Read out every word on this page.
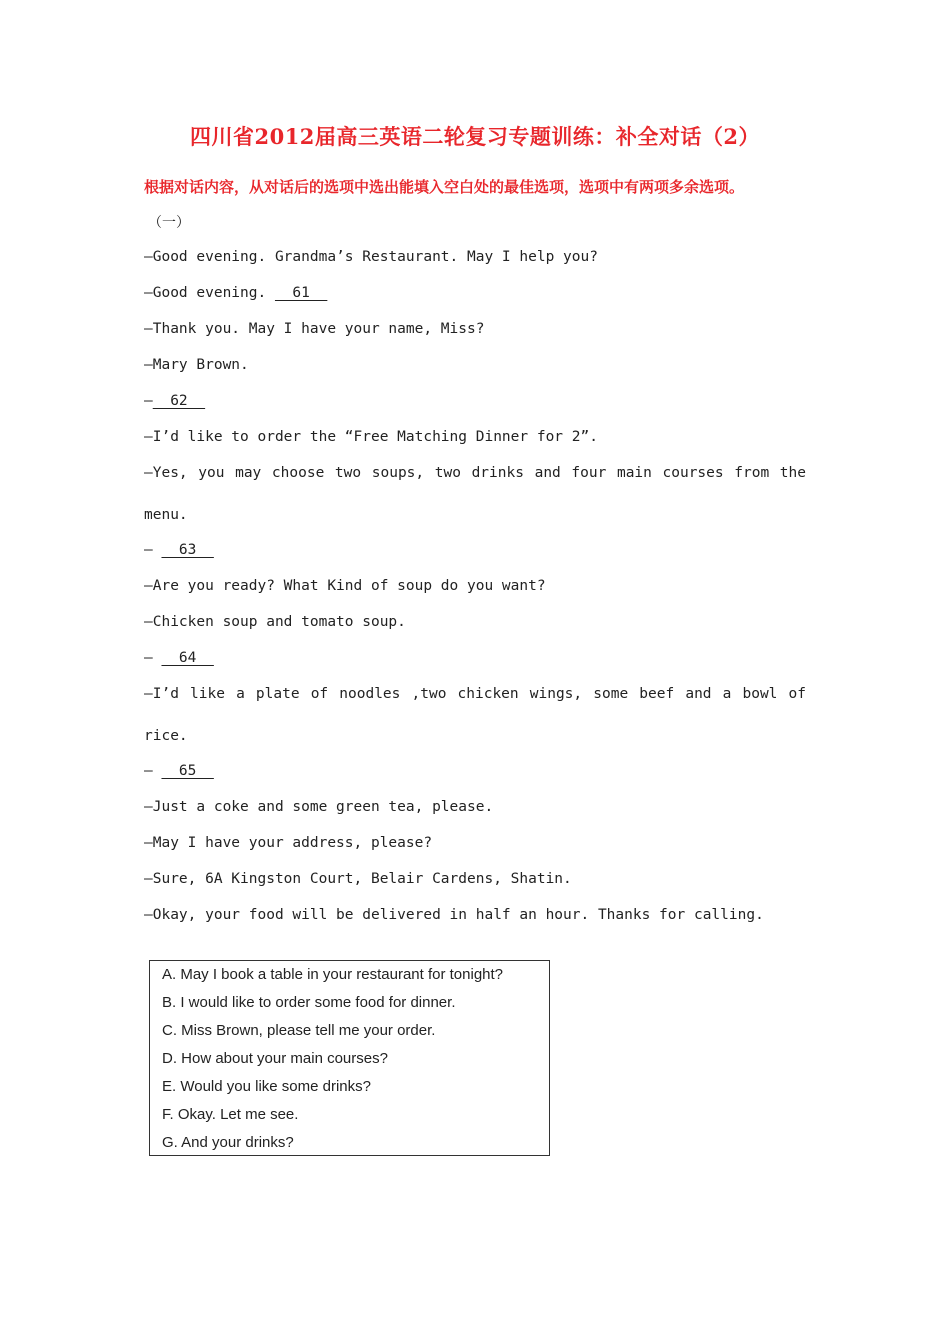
四川省2012届高三英语二轮复习专题训练：补全对话（2）
根据对话内容，从对话后的选项中选出能填入空白处的最佳选项，选项中有两项多余选项。
（一）
—Good evening. Grandma’s Restaurant. May I help you?
—Good evening.   61
—Thank you. May I have your name, Miss?
—Mary Brown.
—  62
—I’d like to order the “Free Matching Dinner for 2”.
—Yes, you may choose two soups, two drinks and four main courses from the
menu.
—   63
—Are you ready? What Kind of soup do you want?
—Chicken soup and tomato soup.
—   64
—I’d like a plate of noodles ,two chicken wings, some beef and a bowl of
rice.
—   65
—Just a coke and some green tea, please.
—May I have your address, please?
—Sure, 6A Kingston Court, Belair Cardens, Shatin.
—Okay, your food will be delivered in half an hour. Thanks for calling.
A. May I book a table in your restaurant for tonight?
B. I would like to order some food for dinner.
C. Miss Brown, please tell me your order.
D. How about your main courses?
E. Would you like some drinks?
F. Okay. Let me see.
G. And your drinks?
